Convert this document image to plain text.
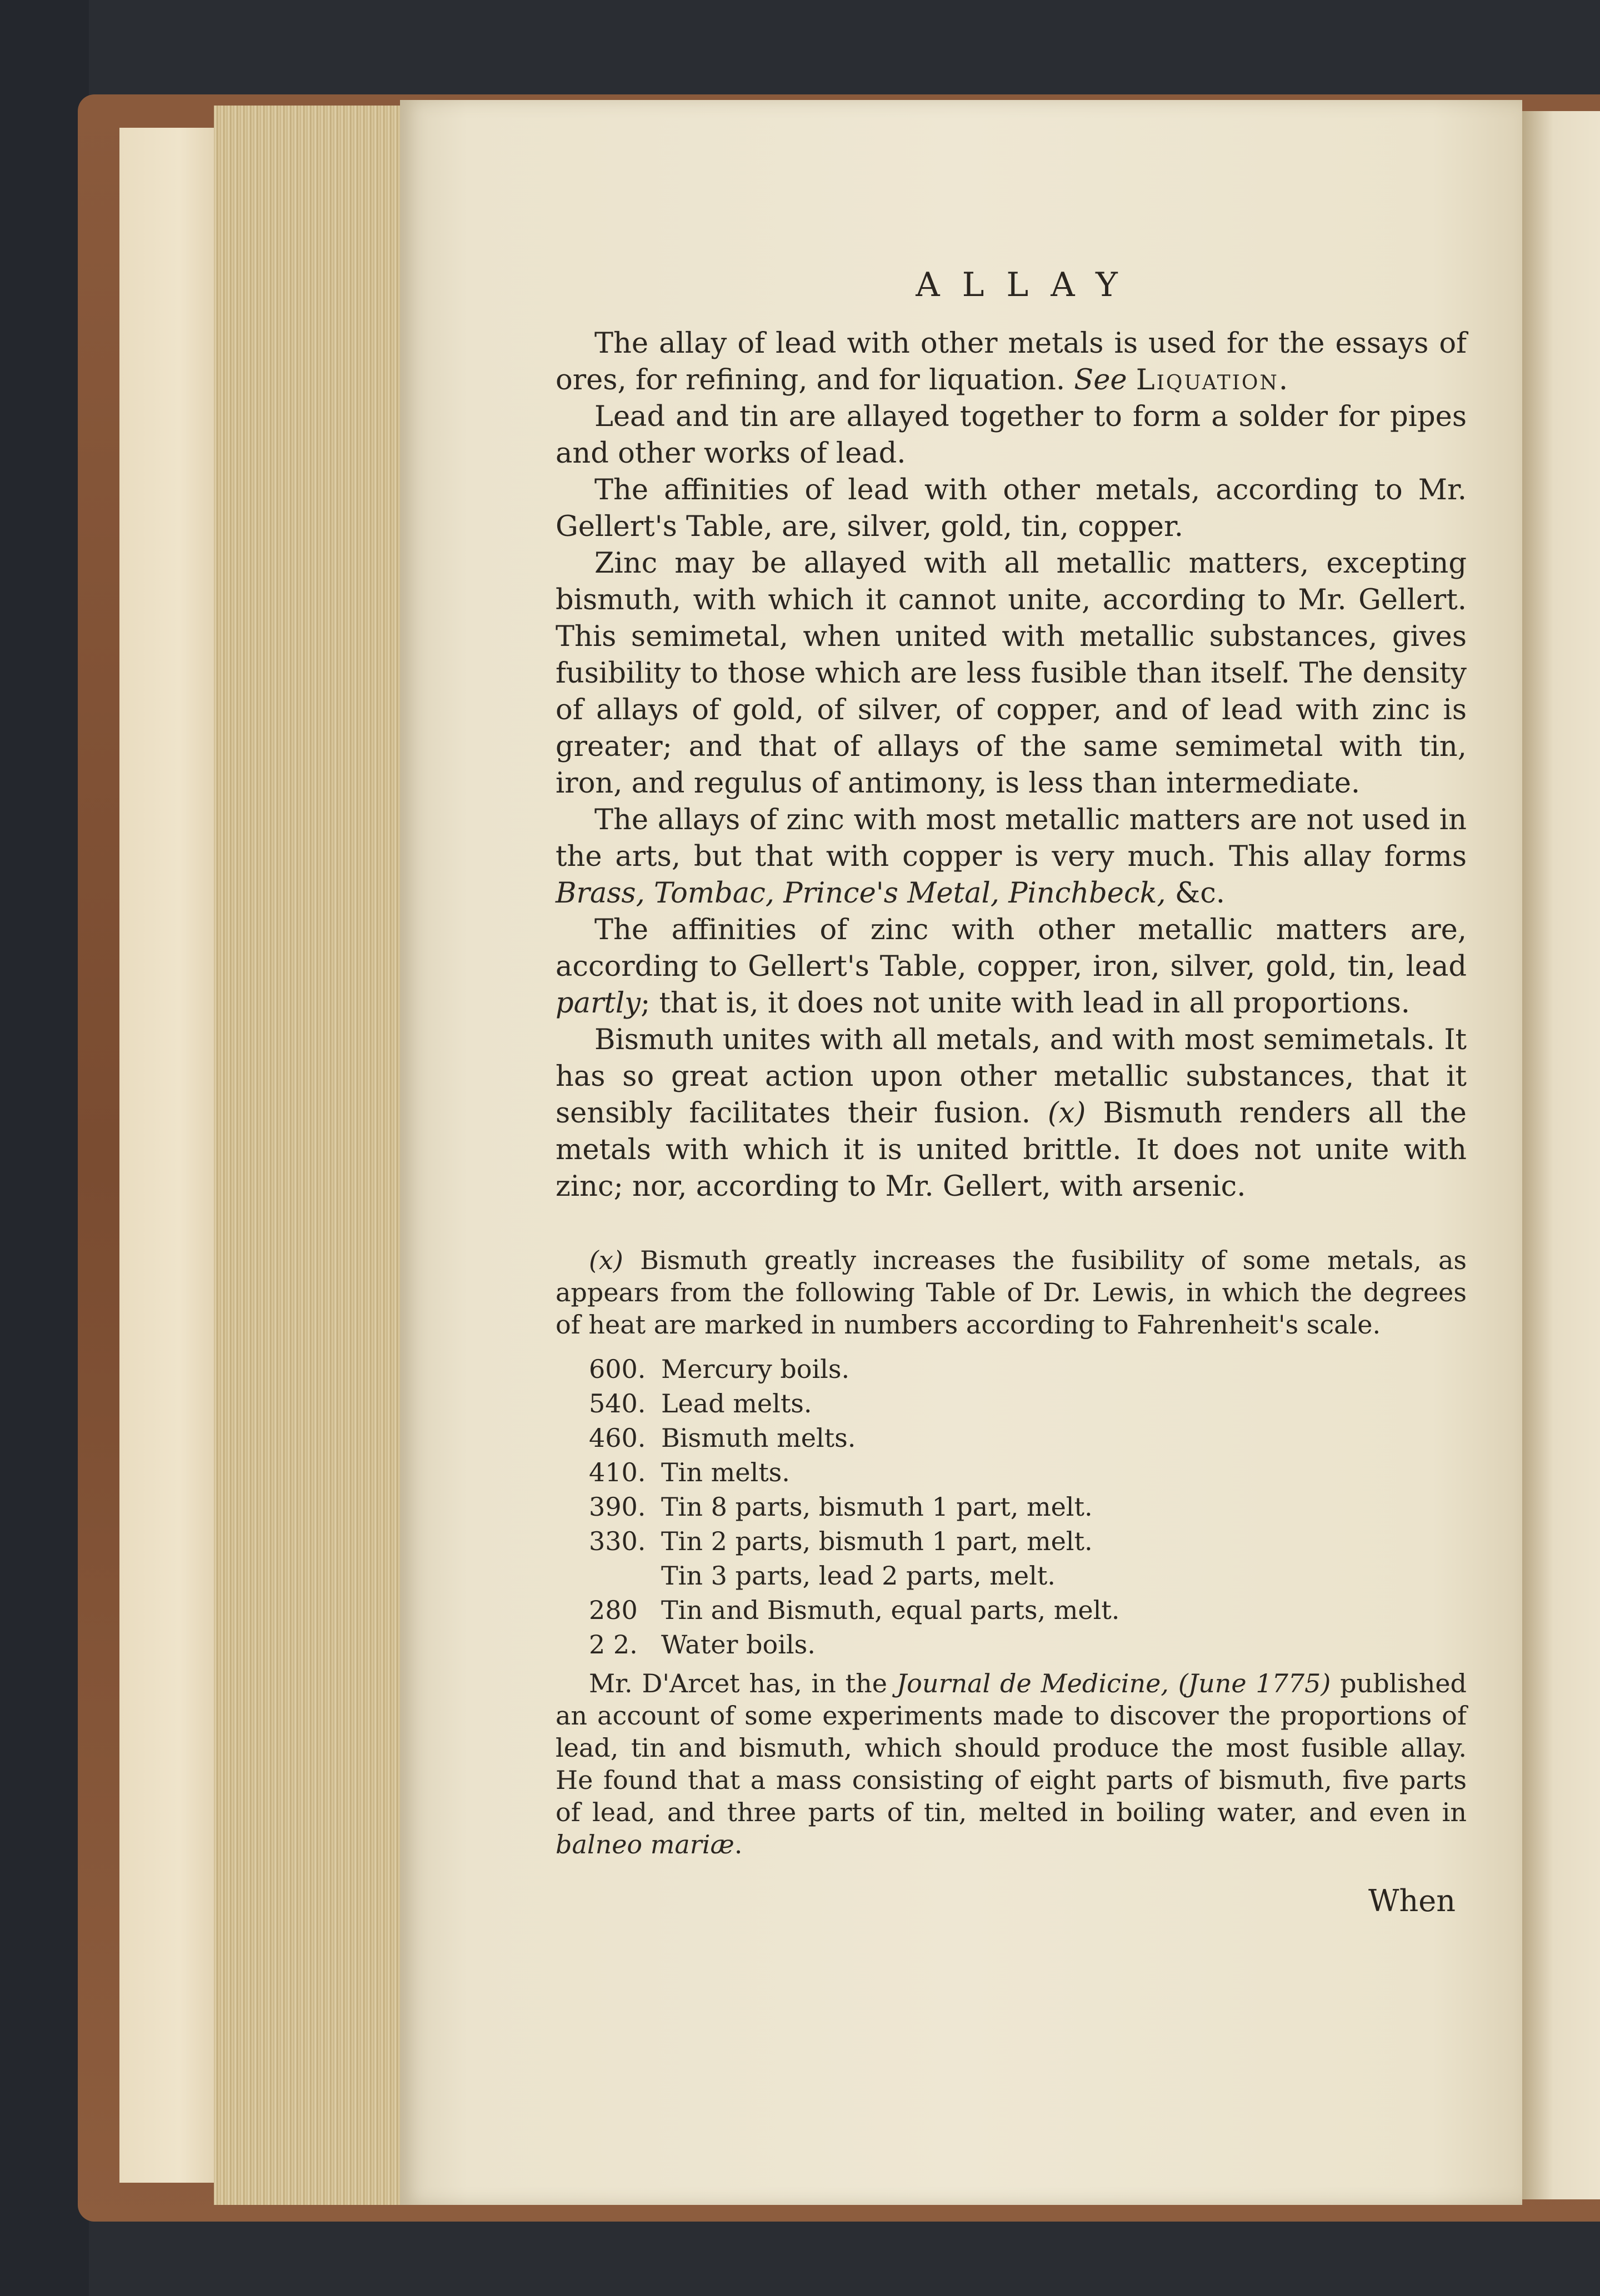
ALLAY

The allay of lead with other metals is used for the essays of ores, for refining, and for liquation. See Liquation.

Lead and tin are allayed together to form a solder for pipes and other works of lead.

The affinities of lead with other metals, according to Mr. Gellert's Table, are, silver, gold, tin, copper.

Zinc may be allayed with all metallic matters, excepting bismuth, with which it cannot unite, according to Mr. Gellert. This semimetal, when united with metallic substances, gives fusibility to those which are less fusible than itself. The density of allays of gold, of silver, of copper, and of lead with zinc is greater; and that of allays of the same semimetal with tin, iron, and regulus of antimony, is less than intermediate.

The allays of zinc with most metallic matters are not used in the arts, but that with copper is very much. This allay forms Brass, Tombac, Prince's Metal, Pinchbeck, &c.

The affinities of zinc with other metallic matters are, according to Gellert's Table, copper, iron, silver, gold, tin, lead partly; that is, it does not unite with lead in all proportions.

Bismuth unites with all metals, and with most semimetals. It has so great action upon other metallic substances, that it sensibly facilitates their fusion. (x) Bismuth renders all the metals with which it is united brittle. It does not unite with zinc; nor, according to Mr. Gellert, with arsenic.

(x) Bismuth greatly increases the fusibility of some metals, as appears from the following Table of Dr. Lewis, in which the degrees of heat are marked in numbers according to Fahrenheit's scale.

600. Mercury boils.
540. Lead melts.
460. Bismuth melts.
410. Tin melts.
390. Tin 8 parts, bismuth 1 part, melt.
330. Tin 2 parts, bismuth 1 part, melt.
Tin 3 parts, lead 2 parts, melt.
280 Tin and Bismuth, equal parts, melt.
2 2. Water boils.

Mr. D'Arcet has, in the Journal de Medicine, (June 1775) published an account of some experiments made to discover the proportions of lead, tin and bismuth, which should produce the most fusible allay. He found that a mass consisting of eight parts of bismuth, five parts of lead, and three parts of tin, melted in boiling water, and even in balneo mariæ.

When
